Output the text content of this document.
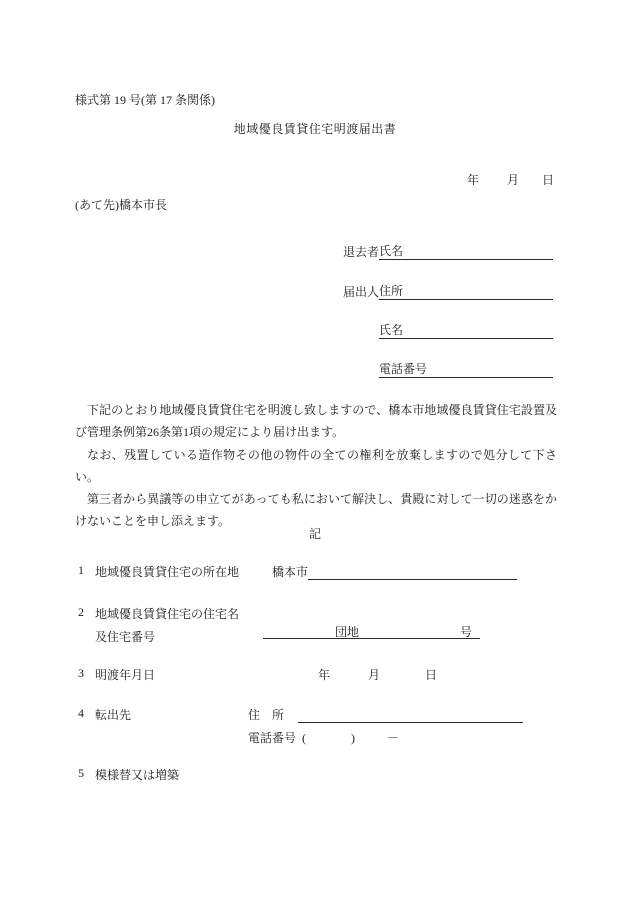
様式第 19 号(第 17 条関係)
地域優良賃貸住宅明渡届出書
年 月 日
(あて先)橋本市長
退去者氏名
届出人住所
氏名
電話番号

下記のとおり地域優良賃貸住宅を明渡し致しますので、橋本市地域優良賃貸住宅設置及び管理条例第26条第1項の規定により届け出ます。

なお、残置している造作物その他の物件の全ての権利を放棄しますので処分して下さい。

第三者から異議等の申立てがあっても私において解決し、貴殿に対して一切の迷惑をかけないことを申し添えます。

記
1 地域優良賃貸住宅の所在地	橋本市
2 地域優良賃貸住宅の住宅名
及住宅番号	団地	号
3 明渡年月日	年	月	日
4 転出先	住　所
電話番号 (	)	－
5 模様替又は増築
